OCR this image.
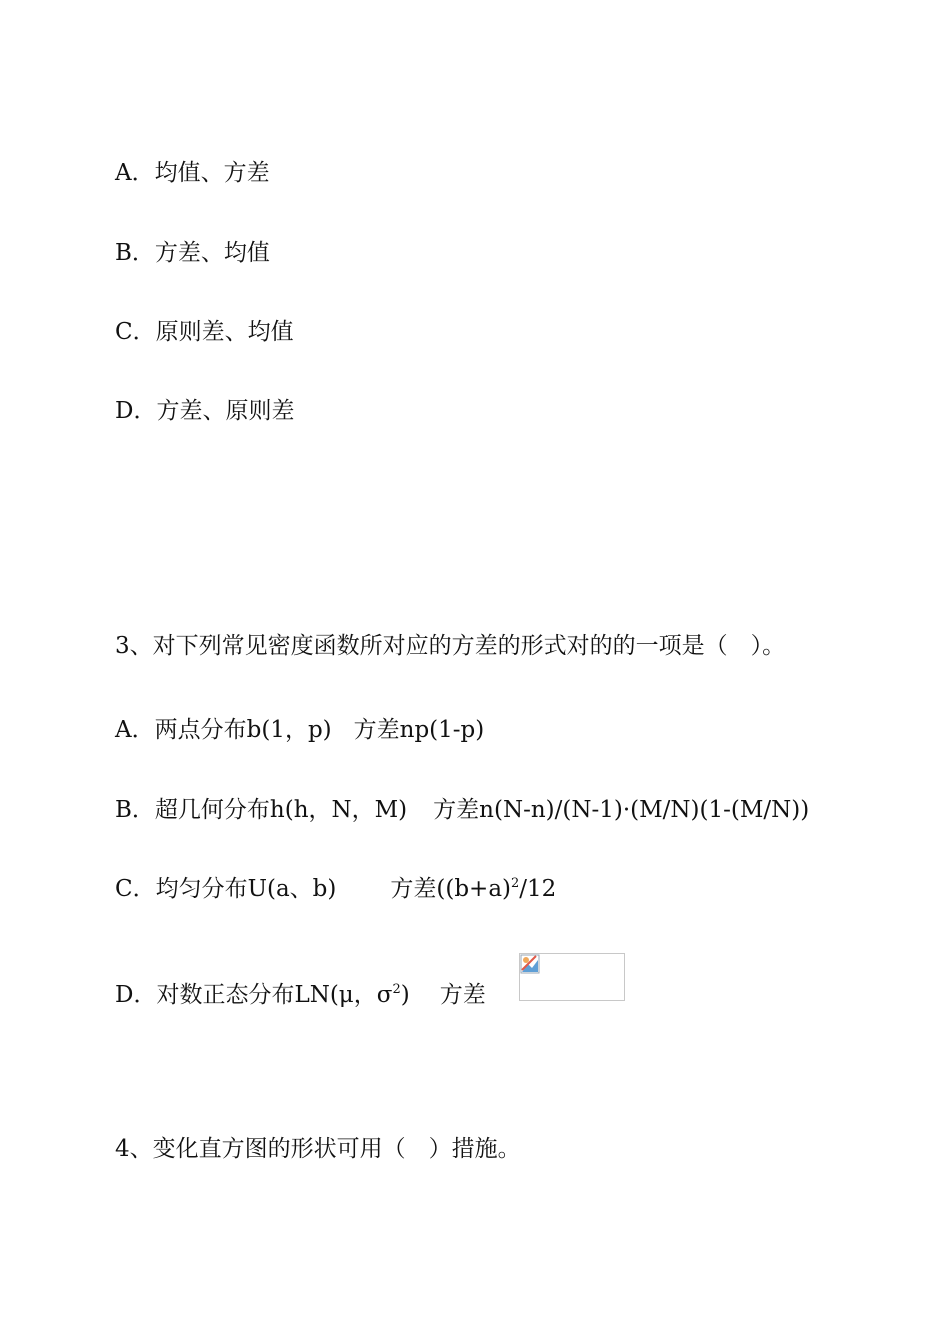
A．均值、方差
B．方差、均值
C．原则差、均值
D．方差、原则差
3、对下列常见密度函数所对应的方差的形式对的的一项是（　）。
A．两点分布b(1，p) 方差np(1-p)
B．超几何分布h(h，N，M) 方差n(N-n)/(N-1)·(M/N)(1-(M/N))
C．均匀分布U(a、b) 方差($(b+a)^2/12$
D．对数正态分布LN(μ，$\sigma^2$) 方差
4、变化直方图的形状可用（　）措施。
